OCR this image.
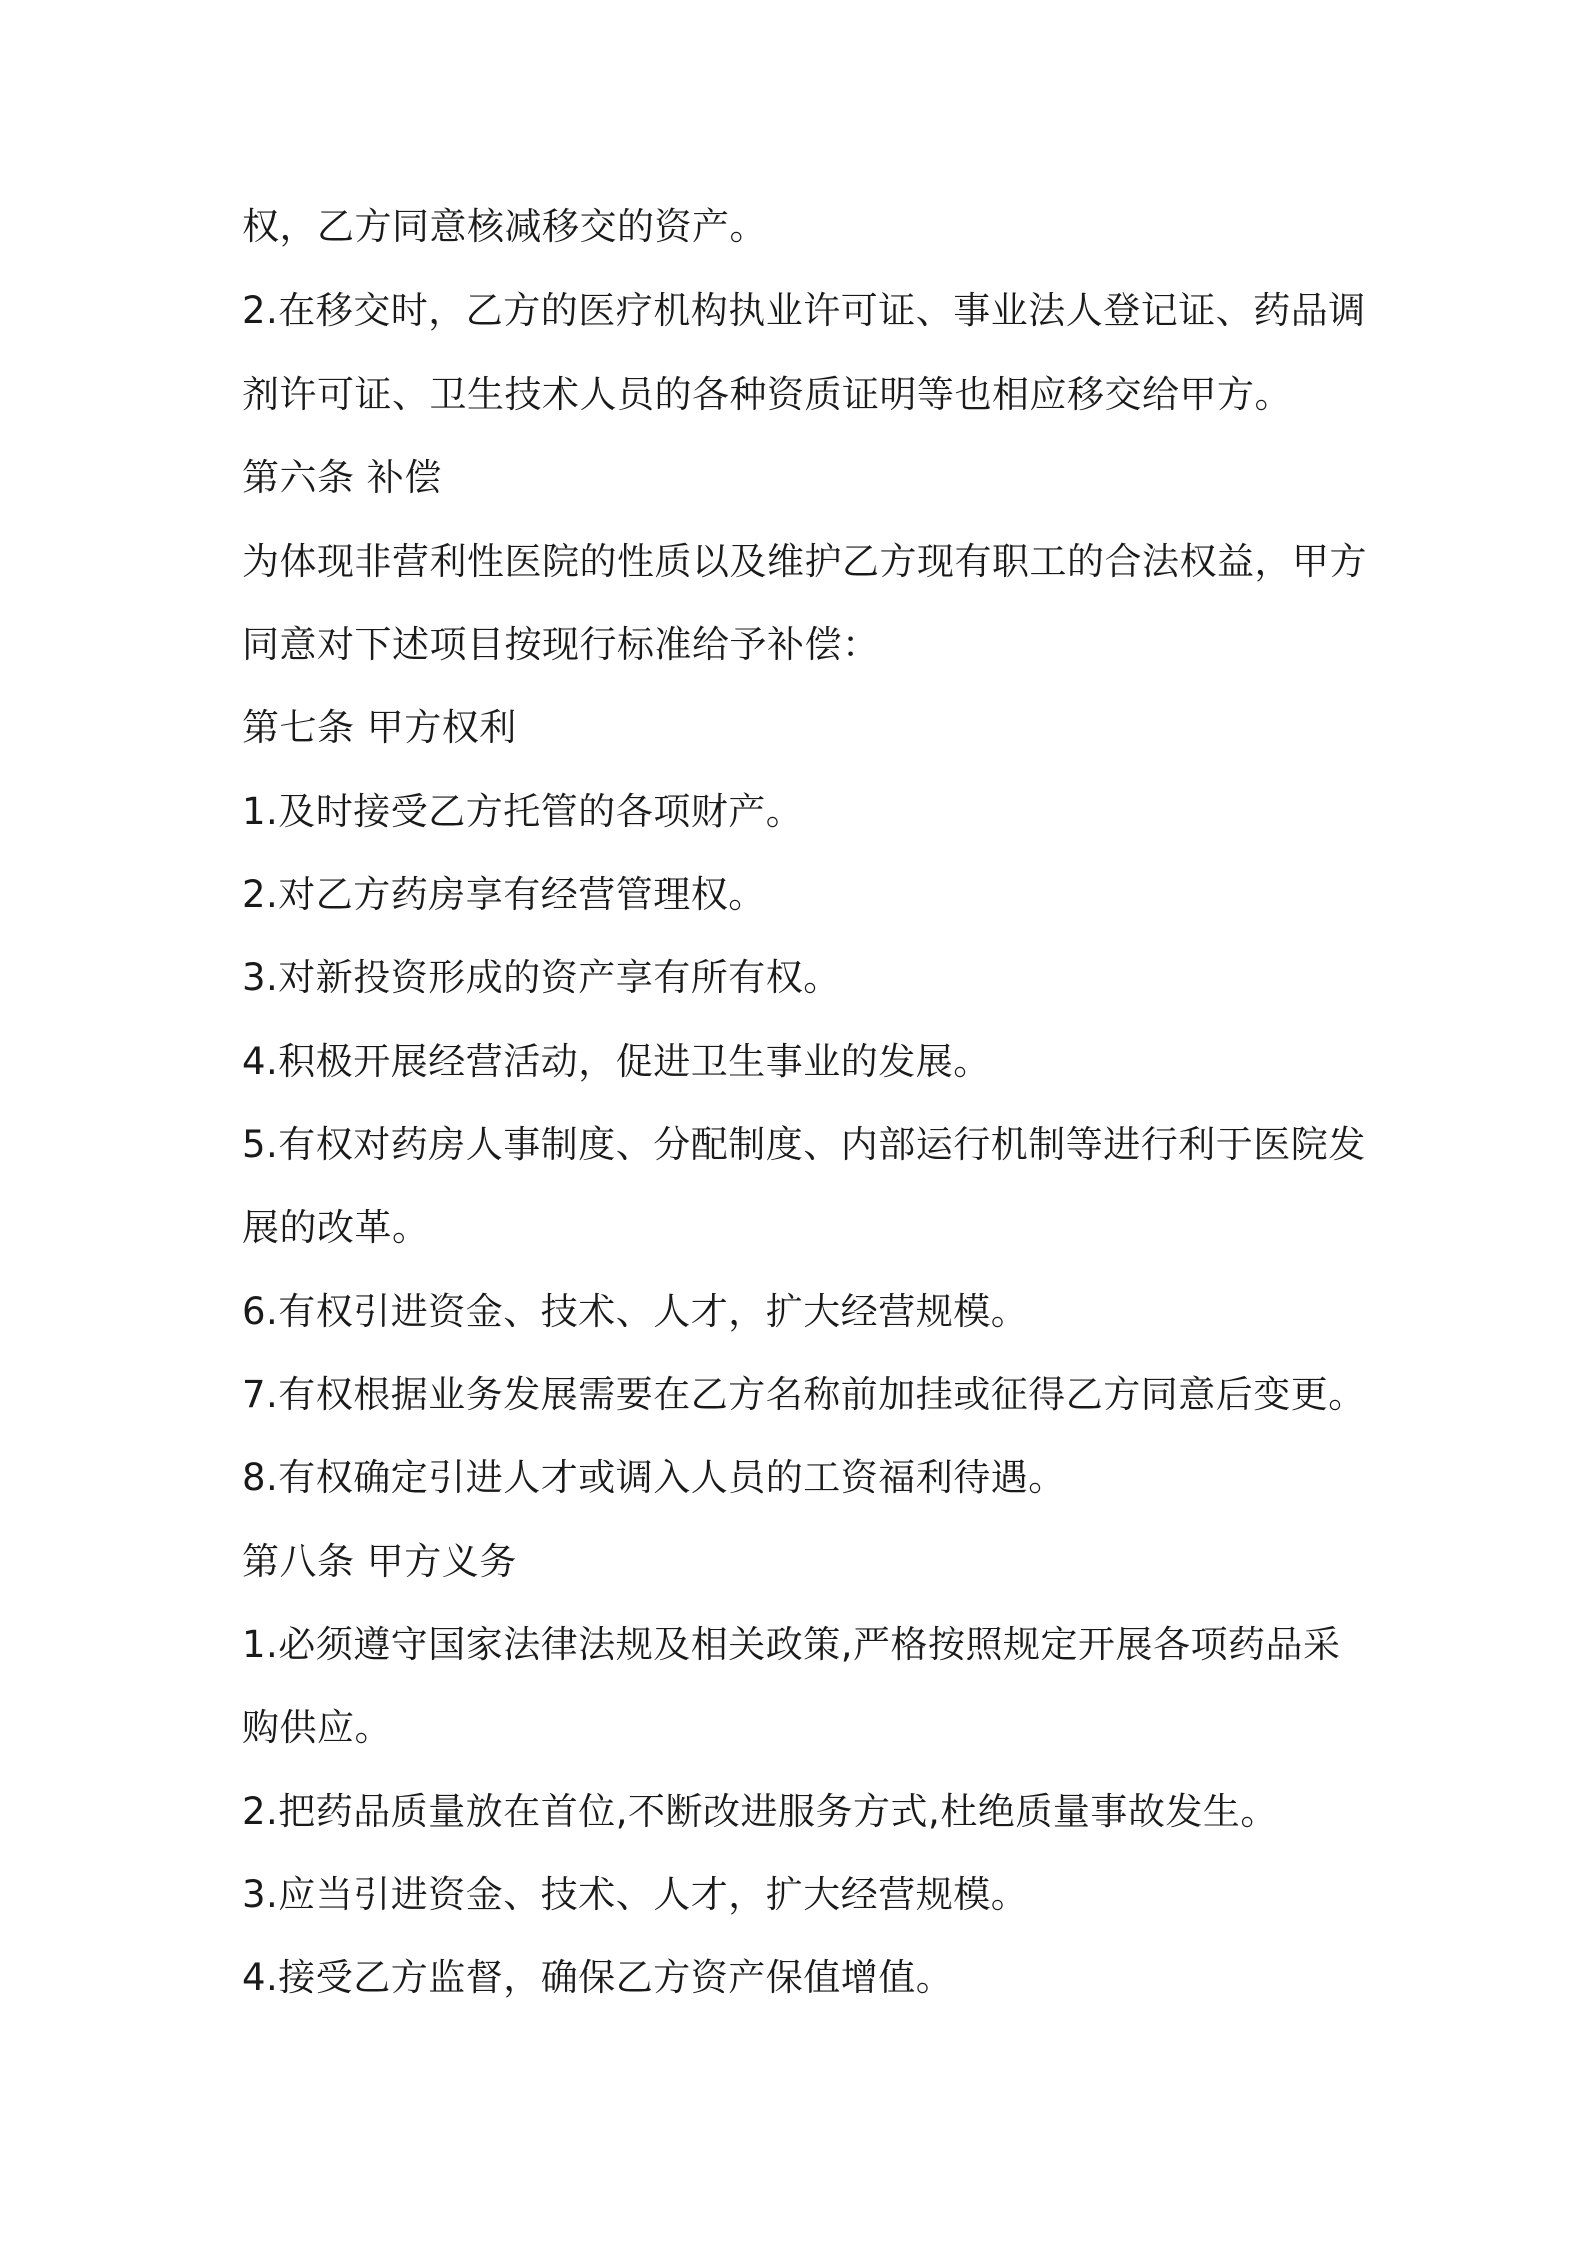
权，乙方同意核减移交的资产。

2.在移交时，乙方的医疗机构执业许可证、事业法人登记证、药品调

剂许可证、卫生技术人员的各种资质证明等也相应移交给甲方。

第六条 补偿

为体现非营利性医院的性质以及维护乙方现有职工的合法权益，甲方

同意对下述项目按现行标准给予补偿：

第七条 甲方权利

1.及时接受乙方托管的各项财产。

2.对乙方药房享有经营管理权。

3.对新投资形成的资产享有所有权。

4.积极开展经营活动，促进卫生事业的发展。

5.有权对药房人事制度、分配制度、内部运行机制等进行利于医院发

展的改革。

6.有权引进资金、技术、人才，扩大经营规模。

7.有权根据业务发展需要在乙方名称前加挂或征得乙方同意后变更。

8.有权确定引进人才或调入人员的工资福利待遇。

第八条 甲方义务

1.必须遵守国家法律法规及相关政策,严格按照规定开展各项药品采

购供应。

2.把药品质量放在首位,不断改进服务方式,杜绝质量事故发生。

3.应当引进资金、技术、人才，扩大经营规模。

4.接受乙方监督，确保乙方资产保值增值。
